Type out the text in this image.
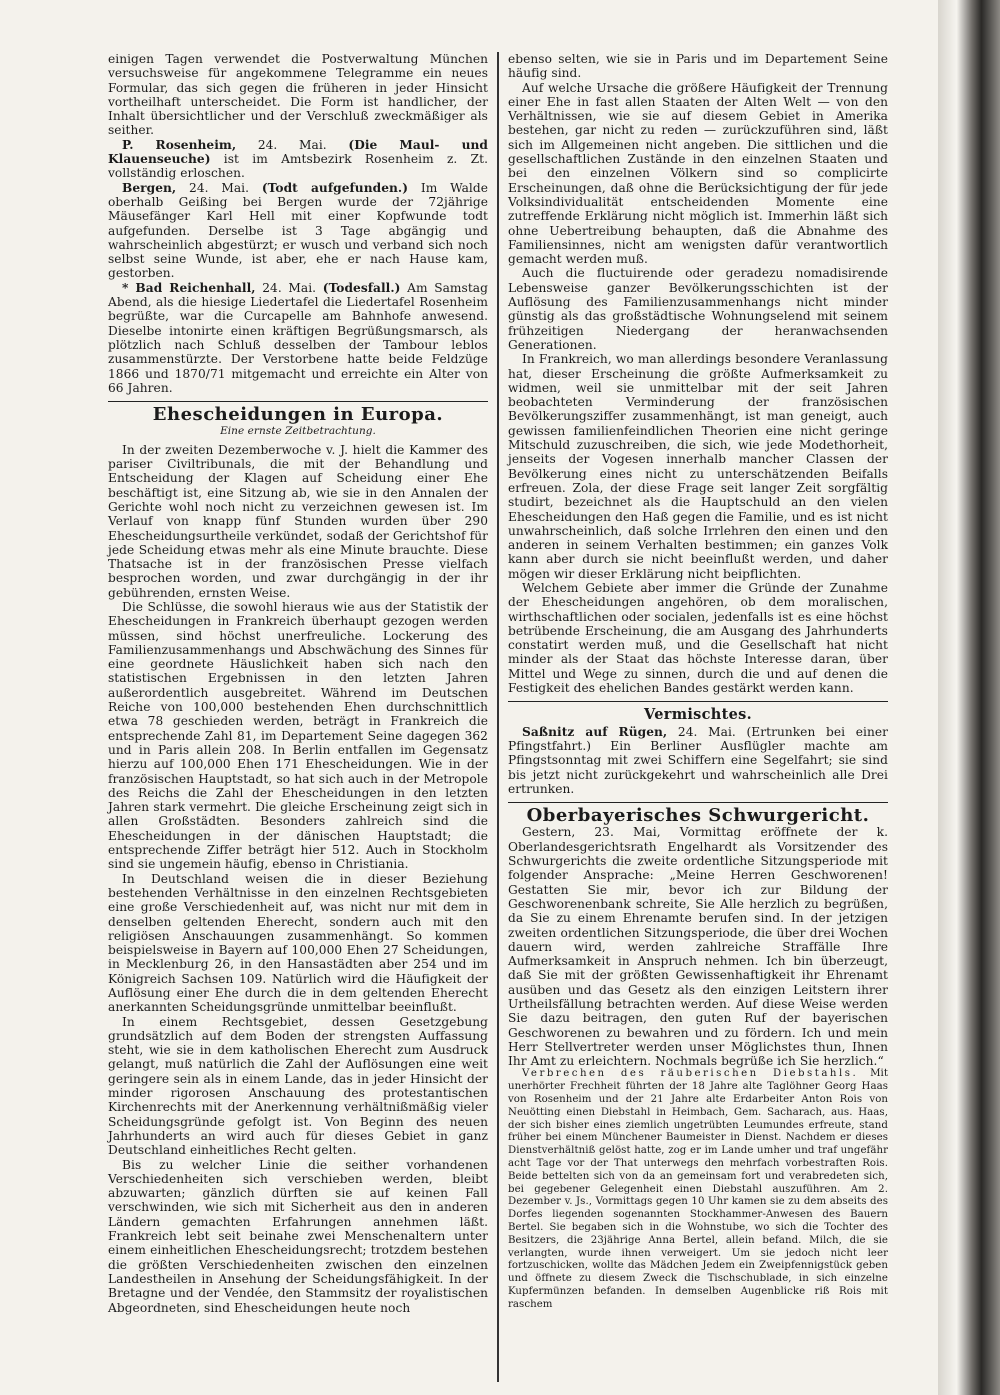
einigen Tagen verwendet die Postverwaltung München versuchsweise für angekommene Telegramme ein neues Formular, das sich gegen die früheren in jeder Hinsicht vortheilhaft unterscheidet. Die Form ist handlicher, der Inhalt übersichtlicher und der Verschluß zweckmäßiger als seither.

P. Rosenheim, 24. Mai. (Die Maul- und Klauenseuche) ist im Amtsbezirk Rosenheim z. Zt. vollständig erloschen.

Bergen, 24. Mai. (Todt aufgefunden.) Im Walde oberhalb Geißing bei Bergen wurde der 72jährige Mäusefänger Karl Hell mit einer Kopfwunde todt aufgefunden. Derselbe ist 3 Tage abgängig und wahrscheinlich abgestürzt; er wusch und verband sich noch selbst seine Wunde, ist aber, ehe er nach Hause kam, gestorben.

* Bad Reichenhall, 24. Mai. (Todesfall.) Am Samstag Abend, als die hiesige Liedertafel die Liedertafel Rosenheim begrüßte, war die Curcapelle am Bahnhofe anwesend. Dieselbe intonirte einen kräftigen Begrüßungsmarsch, als plötzlich nach Schluß desselben der Tambour leblos zusammenstürzte. Der Verstorbene hatte beide Feldzüge 1866 und 1870/71 mitgemacht und erreichte ein Alter von 66 Jahren.

Ehescheidungen in Europa.
Eine ernste Zeitbetrachtung.

In der zweiten Dezemberwoche v. J. hielt die Kammer des pariser Civiltribunals, die mit der Behandlung und Entscheidung der Klagen auf Scheidung einer Ehe beschäftigt ist, eine Sitzung ab, wie sie in den Annalen der Gerichte wohl noch nicht zu verzeichnen gewesen ist. Im Verlauf von knapp fünf Stunden wurden über 290 Ehescheidungsurtheile verkündet, sodaß der Gerichtshof für jede Scheidung etwas mehr als eine Minute brauchte. Diese Thatsache ist in der französischen Presse vielfach besprochen worden, und zwar durchgängig in der ihr gebührenden, ernsten Weise.

Die Schlüsse, die sowohl hieraus wie aus der Statistik der Ehescheidungen in Frankreich überhaupt gezogen werden müssen, sind höchst unerfreuliche. Lockerung des Familienzusammenhangs und Abschwächung des Sinnes für eine geordnete Häuslichkeit haben sich nach den statistischen Ergebnissen in den letzten Jahren außerordentlich ausgebreitet. Während im Deutschen Reiche von 100,000 bestehenden Ehen durchschnittlich etwa 78 geschieden werden, beträgt in Frankreich die entsprechende Zahl 81, im Departement Seine dagegen 362 und in Paris allein 208. In Berlin entfallen im Gegensatz hierzu auf 100,000 Ehen 171 Ehescheidungen. Wie in der französischen Hauptstadt, so hat sich auch in der Metropole des Reichs die Zahl der Ehescheidungen in den letzten Jahren stark vermehrt. Die gleiche Erscheinung zeigt sich in allen Großstädten. Besonders zahlreich sind die Ehescheidungen in der dänischen Hauptstadt; die entsprechende Ziffer beträgt hier 512. Auch in Stockholm sind sie ungemein häufig, ebenso in Christiania.

In Deutschland weisen die in dieser Beziehung bestehenden Verhältnisse in den einzelnen Rechtsgebieten eine große Verschiedenheit auf, was nicht nur mit dem in denselben geltenden Eherecht, sondern auch mit den religiösen Anschauungen zusammenhängt. So kommen beispielsweise in Bayern auf 100,000 Ehen 27 Scheidungen, in Mecklenburg 26, in den Hansastädten aber 254 und im Königreich Sachsen 109. Natürlich wird die Häufigkeit der Auflösung einer Ehe durch die in dem geltenden Eherecht anerkannten Scheidungsgründe unmittelbar beeinflußt.

In einem Rechtsgebiet, dessen Gesetzgebung grundsätzlich auf dem Boden der strengsten Auffassung steht, wie sie in dem katholischen Eherecht zum Ausdruck gelangt, muß natürlich die Zahl der Auflösungen eine weit geringere sein als in einem Lande, das in jeder Hinsicht der minder rigorosen Anschauung des protestantischen Kirchenrechts mit der Anerkennung verhältnißmäßig vieler Scheidungsgründe gefolgt ist. Von Beginn des neuen Jahrhunderts an wird auch für dieses Gebiet in ganz Deutschland einheitliches Recht gelten.

Bis zu welcher Linie die seither vorhandenen Verschiedenheiten sich verschieben werden, bleibt abzuwarten; gänzlich dürften sie auf keinen Fall verschwinden, wie sich mit Sicherheit aus den in anderen Ländern gemachten Erfahrungen annehmen läßt. Frankreich lebt seit beinahe zwei Menschenaltern unter einem einheitlichen Ehescheidungsrecht; trotzdem bestehen die größten Verschiedenheiten zwischen den einzelnen Landestheilen in Ansehung der Scheidungsfähigkeit. In der Bretagne und der Vendée, den Stammsitz der royalistischen Abgeordneten, sind Ehescheidungen heute noch

ebenso selten, wie sie in Paris und im Departement Seine häufig sind.

Auf welche Ursache die größere Häufigkeit der Trennung einer Ehe in fast allen Staaten der Alten Welt — von den Verhältnissen, wie sie auf diesem Gebiet in Amerika bestehen, gar nicht zu reden — zurückzuführen sind, läßt sich im Allgemeinen nicht angeben. Die sittlichen und die gesellschaftlichen Zustände in den einzelnen Staaten und bei den einzelnen Völkern sind so complicirte Erscheinungen, daß ohne die Berücksichtigung der für jede Volksindividualität entscheidenden Momente eine zutreffende Erklärung nicht möglich ist. Immerhin läßt sich ohne Uebertreibung behaupten, daß die Abnahme des Familiensinnes, nicht am wenigsten dafür verantwortlich gemacht werden muß.

Auch die fluctuirende oder geradezu nomadisirende Lebensweise ganzer Bevölkerungsschichten ist der Auflösung des Familienzusammenhangs nicht minder günstig als das großstädtische Wohnungselend mit seinem frühzeitigen Niedergang der heranwachsenden Generationen.

In Frankreich, wo man allerdings besondere Veranlassung hat, dieser Erscheinung die größte Aufmerksamkeit zu widmen, weil sie unmittelbar mit der seit Jahren beobachteten Verminderung der französischen Bevölkerungsziffer zusammenhängt, ist man geneigt, auch gewissen familienfeindlichen Theorien eine nicht geringe Mitschuld zuzuschreiben, die sich, wie jede Modethorheit, jenseits der Vogesen innerhalb mancher Classen der Bevölkerung eines nicht zu unterschätzenden Beifalls erfreuen. Zola, der diese Frage seit langer Zeit sorgfältig studirt, bezeichnet als die Hauptschuld an den vielen Ehescheidungen den Haß gegen die Familie, und es ist nicht unwahrscheinlich, daß solche Irrlehren den einen und den anderen in seinem Verhalten bestimmen; ein ganzes Volk kann aber durch sie nicht beeinflußt werden, und daher mögen wir dieser Erklärung nicht beipflichten.

Welchem Gebiete aber immer die Gründe der Zunahme der Ehescheidungen angehören, ob dem moralischen, wirthschaftlichen oder socialen, jedenfalls ist es eine höchst betrübende Erscheinung, die am Ausgang des Jahrhunderts constatirt werden muß, und die Gesellschaft hat nicht minder als der Staat das höchste Interesse daran, über Mittel und Wege zu sinnen, durch die und auf denen die Festigkeit des ehelichen Bandes gestärkt werden kann.

Vermischtes.

Saßnitz auf Rügen, 24. Mai. (Ertrunken bei einer Pfingstfahrt.) Ein Berliner Ausflügler machte am Pfingstsonntag mit zwei Schiffern eine Segelfahrt; sie sind bis jetzt nicht zurückgekehrt und wahrscheinlich alle Drei ertrunken.

Oberbayerisches Schwurgericht.

Gestern, 23. Mai, Vormittag eröffnete der k. Oberlandesgerichtsrath Engelhardt als Vorsitzender des Schwurgerichts die zweite ordentliche Sitzungsperiode mit folgender Ansprache: „Meine Herren Geschworenen! Gestatten Sie mir, bevor ich zur Bildung der Geschworenenbank schreite, Sie Alle herzlich zu begrüßen, da Sie zu einem Ehrenamte berufen sind. In der jetzigen zweiten ordentlichen Sitzungsperiode, die über drei Wochen dauern wird, werden zahlreiche Straffälle Ihre Aufmerksamkeit in Anspruch nehmen. Ich bin überzeugt, daß Sie mit der größten Gewissenhaftigkeit ihr Ehrenamt ausüben und das Gesetz als den einzigen Leitstern ihrer Urtheilsfällung betrachten werden. Auf diese Weise werden Sie dazu beitragen, den guten Ruf der bayerischen Geschworenen zu bewahren und zu fördern. Ich und mein Herr Stellvertreter werden unser Möglichstes thun, Ihnen Ihr Amt zu erleichtern. Nochmals begrüße ich Sie herzlich.“

Verbrechen des räuberischen Diebstahls. Mit unerhörter Frechheit führten der 18 Jahre alte Taglöhner Georg Haas von Rosenheim und der 21 Jahre alte Erdarbeiter Anton Rois von Neuötting einen Diebstahl in Heimbach, Gem. Sacharach, aus. Haas, der sich bisher eines ziemlich ungetrübten Leumundes erfreute, stand früher bei einem Münchener Baumeister in Dienst. Nachdem er dieses Dienstverhältniß gelöst hatte, zog er im Lande umher und traf ungefähr acht Tage vor der That unterwegs den mehrfach vorbestraften Rois. Beide bettelten sich von da an gemeinsam fort und verabredeten sich, bei gegebener Gelegenheit einen Diebstahl auszuführen. Am 2. Dezember v. Js., Vormittags gegen 10 Uhr kamen sie zu dem abseits des Dorfes liegenden sogenannten Stockhammer-Anwesen des Bauern Bertel. Sie begaben sich in die Wohnstube, wo sich die Tochter des Besitzers, die 23jährige Anna Bertel, allein befand. Milch, die sie verlangten, wurde ihnen verweigert. Um sie jedoch nicht leer fortzuschicken, wollte das Mädchen Jedem ein Zweipfennigstück geben und öffnete zu diesem Zweck die Tischschublade, in sich einzelne Kupfermünzen befanden. In demselben Augenblicke riß Rois mit raschem
